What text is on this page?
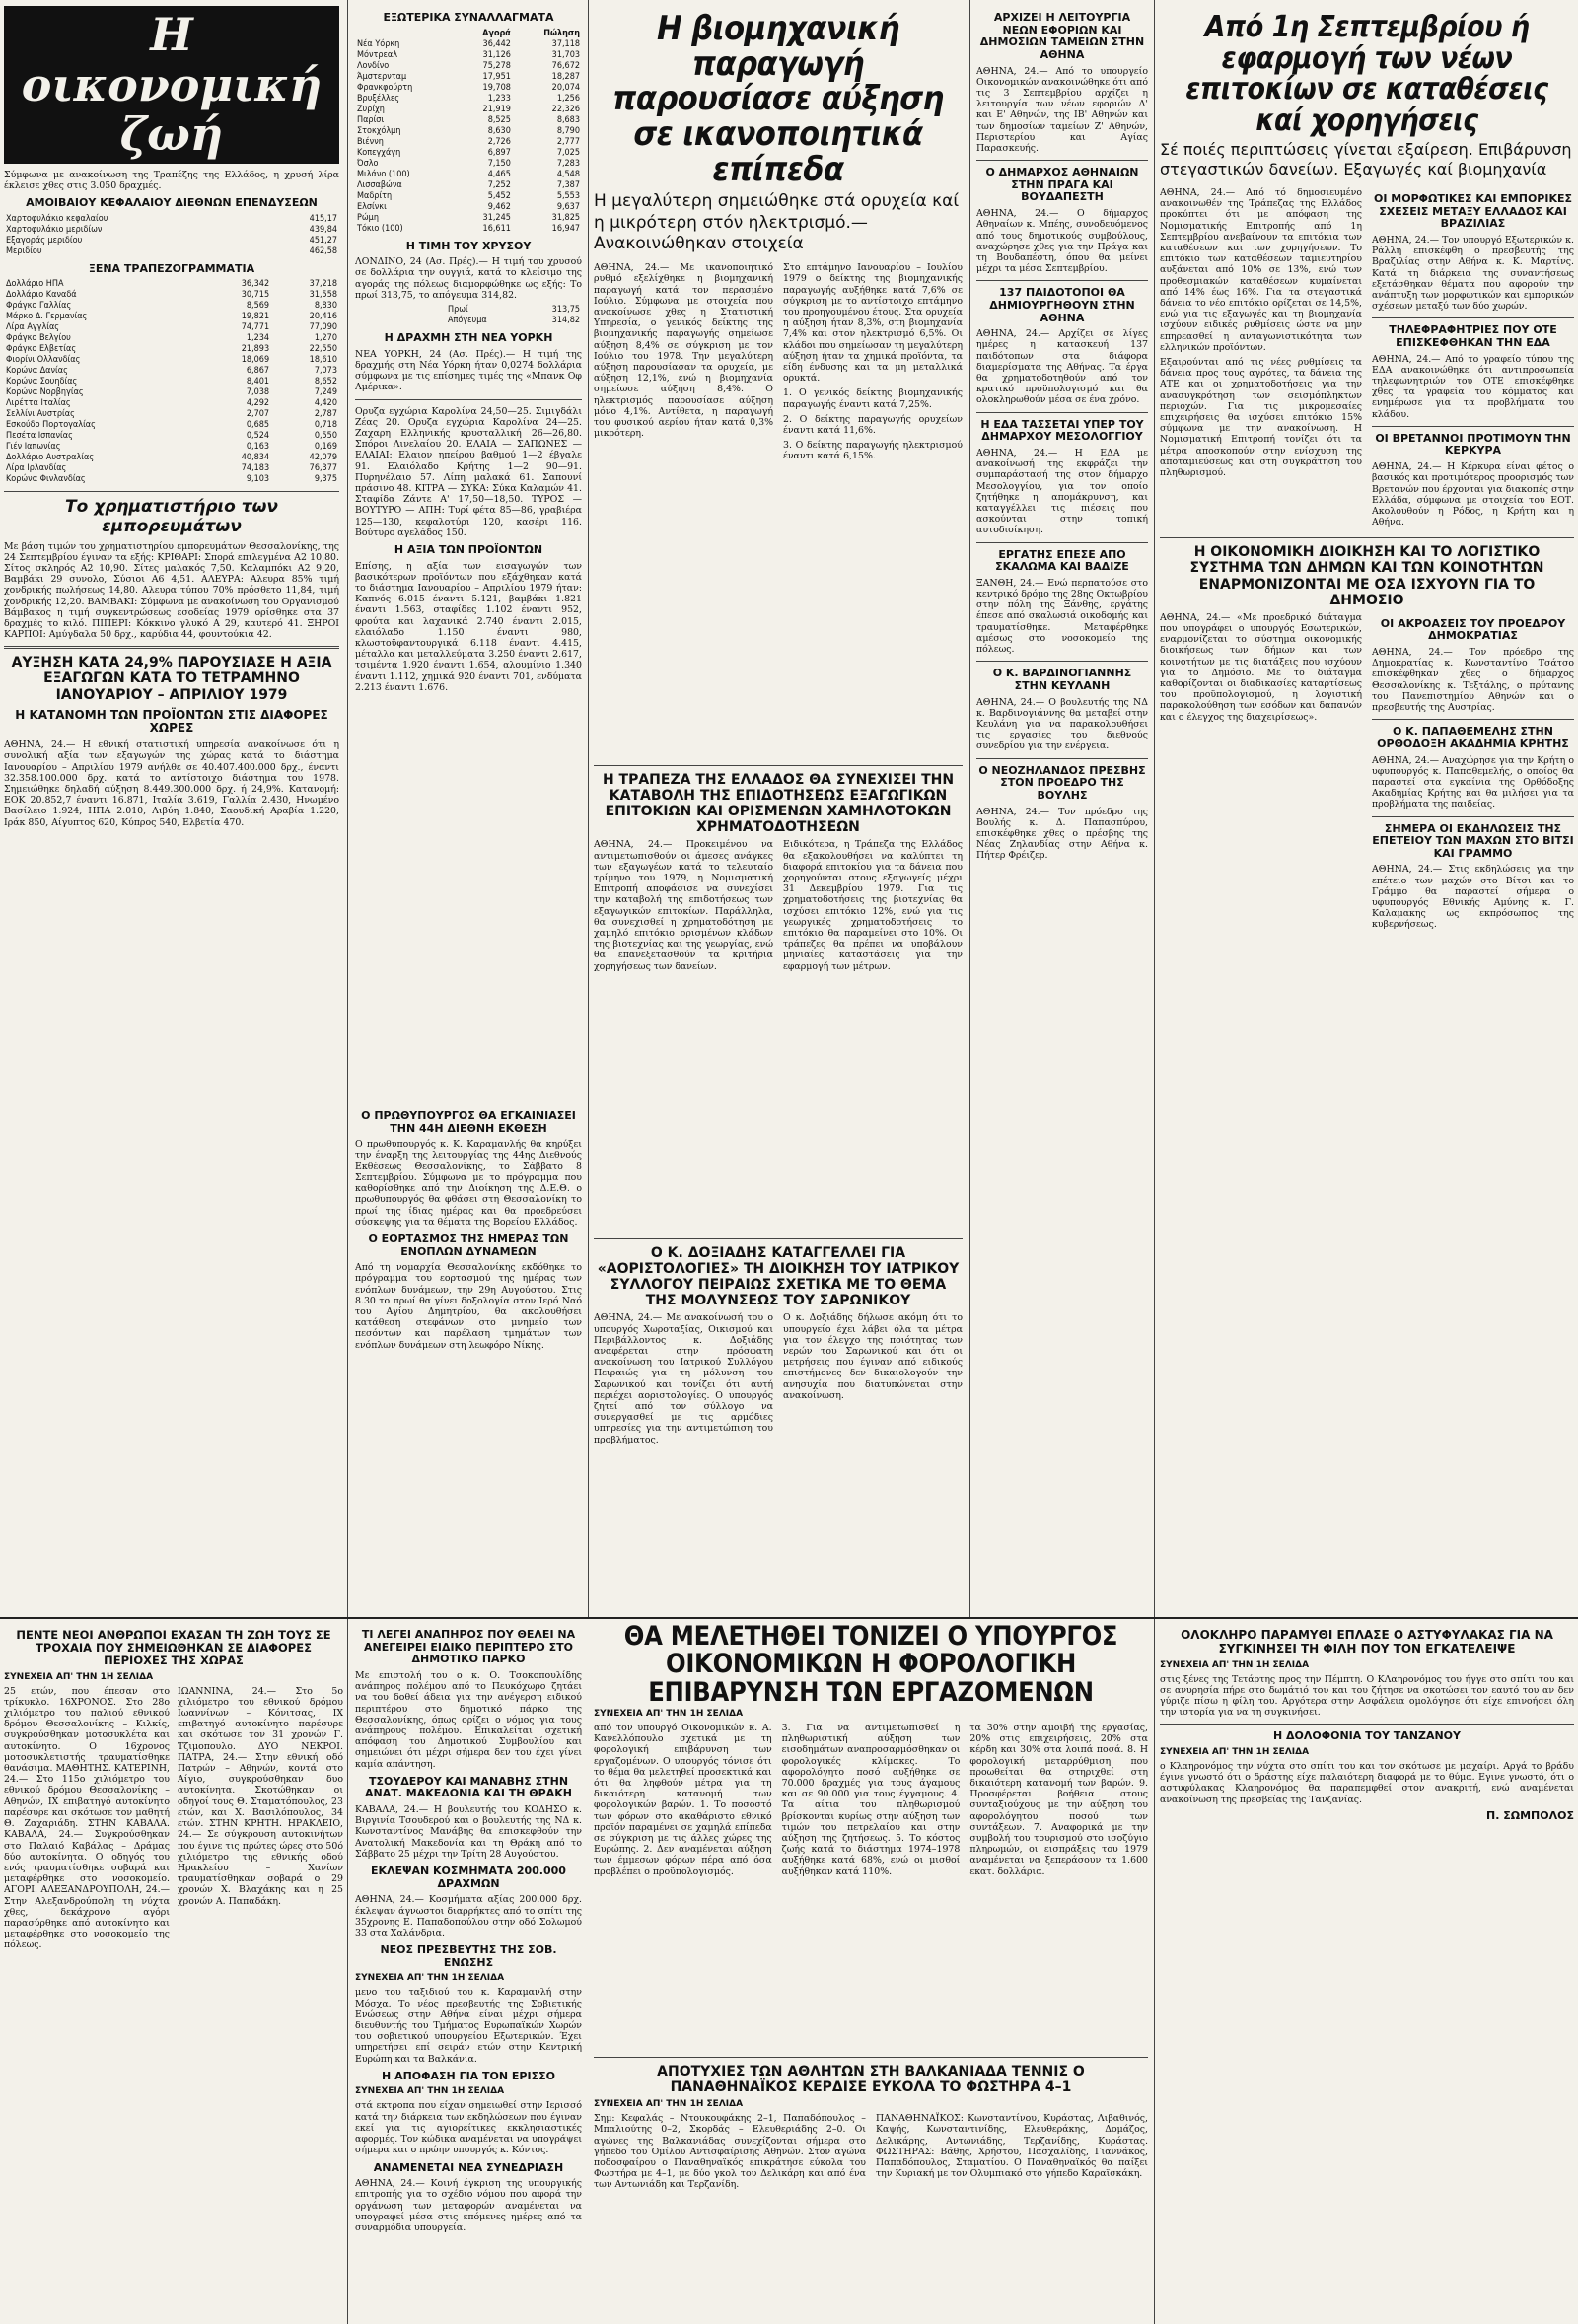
Η οικονομική ζωή
Σύμφωνα με ανακοίνωση της Τραπέζης της Ελλάδος, η χρυσή λίρα έκλεισε χθες στις 3.050 δραχμές.
ΑΜΟΙΒΑΙΟΥ ΚΕΦΑΛΑΙΟΥ ΔΙΕΘΝΩΝ ΕΠΕΝΔΥΣΕΩΝ
Χαρτοφυλάκιο κεφαλαίου	415,17
Χαρτοφυλάκιο μεριδίων	439,84
Εξαγοράς μεριδίου	451,27
Μεριδίου	462,58
ΞΕΝΑ ΤΡΑΠΕΖΟΓΡΑΜΜΑΤΙΑ
Δολλάριο ΗΠΑ	36,342	37,218
Δολλάριο Καναδά	30,715	31,558
Φράγκο Γαλλίας	8,569	8,830
Μάρκο Δ. Γερμανίας	19,821	20,416
Λίρα Αγγλίας	74,771	77,090
Φράγκο Βελγίου	1,234	1,270
Φράγκο Ελβετίας	21,893	22,550
Φιορίνι Ολλανδίας	18,069	18,610
Κορώνα Δανίας	6,867	7,073
Κορώνα Σουηδίας	8,401	8,652
Κορώνα Νορβηγίας	7,038	7,249
Λιρέττα Ιταλίας	4,292	4,420
Σελλίνι Αυστρίας	2,707	2,787
Εσκούδο Πορτογαλίας	0,685	0,718
Πεσέτα Ισπανίας	0,524	0,550
Γιέν Ιαπωνίας	0,163	0,169
Δολλάριο Αυστραλίας	40,834	42,079
Λίρα Ιρλανδίας	74,183	76,377
Κορώνα Φινλανδίας	9,103	9,375
Το χρηματιστήριο των εμπορευμάτων
Με βάση τιμών του χρηματιστηρίου εμπορευμάτων Θεσσαλονίκης, της 24 Σεπτεμβρίου έγιναν τα εξής: ΚΡΙΘΑΡΙ: Σπορά επιλεγμένα Α2 10,80. Σίτος σκληρός Α2 10,90. Σίτες μαλακός 7,50. Καλαμπόκι Α2 9,20, Βαμβάκι 29 συνολο, Σύσιοι Α6 4,51. ΑΛΕΥΡΑ: Αλευρα 85% τιμή χονδρικής πωλήσεως 14,80. Αλευρα τύπου 70% πρόσθετο 11,84, τιμή χονδρικής 12,20. ΒΑΜΒΑΚΙ: Σύμφωνα με ανακοίνωση του Οργανισμού Βάμβακος η τιμή συγκεντρώσεως εσοδείας 1979 ορίσθηκε στα 37 δραχμές το κιλό. ΠΙΠΕΡΙ: Κόκκινο γλυκό Α 29, καυτερό 41. ΞΗΡΟΙ ΚΑΡΠΟΙ: Αμύγδαλα 50 δρχ., καρύδια 44, φουντούκια 42.
ΑΥΞΗΣΗ ΚΑΤΑ 24,9% ΠΑΡΟΥΣΙΑΣΕ Η ΑΞΙΑ ΕΞΑΓΩΓΩΝ ΚΑΤΑ ΤΟ ΤΕΤΡΑΜΗΝΟ ΙΑΝΟΥΑΡΙΟΥ – ΑΠΡΙΛΙΟΥ 1979
Η ΚΑΤΑΝΟΜΗ ΤΩΝ ΠΡΟΪΟΝΤΩΝ ΣΤΙΣ ΔΙΑΦΟΡΕΣ ΧΩΡΕΣ
ΑΘΗΝΑ, 24.— Η εθνική στατιστική υπηρεσία ανακοίνωσε ότι η συνολική αξία των εξαγωγών της χώρας κατά το διάστημα Ιανουαρίου – Απριλίου 1979 ανήλθε σε 40.407.400.000 δρχ., έναντι 32.358.100.000 δρχ. κατά το αντίστοιχο διάστημα του 1978. Σημειώθηκε δηλαδή αύξηση 8.449.300.000 δρχ. ή 24,9%. Κατανομή: ΕΟΚ 20.852,7 έναντι 16.871, Ιταλία 3.619, Γαλλία 2.430, Ηνωμένο Βασίλειο 1.924, ΗΠΑ 2.010, Λιβύη 1.840, Σαουδική Αραβία 1.220, Ιράκ 850, Αίγυπτος 620, Κύπρος 540, Ελβετία 470.
ΕΞΩΤΕΡΙΚΑ ΣΥΝΑΛΛΑΓΜΑΤΑ
	Αγορά	Πώληση
Νέα Υόρκη	36,442	37,118
Μόντρεαλ	31,126	31,703
Λονδίνο	75,278	76,672
Άμστερνταμ	17,951	18,287
Φρανκφούρτη	19,708	20,074
Βρυξέλλες	1,233	1,256
Ζυρίχη	21,919	22,326
Παρίσι	8,525	8,683
Στοκχόλμη	8,630	8,790
Βιέννη	2,726	2,777
Κοπεγχάγη	6,897	7,025
Όσλο	7,150	7,283
Μιλάνο (100)	4,465	4,548
Λισσαβώνα	7,252	7,387
Μαδρίτη	5,452	5,553
Ελσίνκι	9,462	9,637
Ρώμη	31,245	31,825
Τόκιο (100)	16,611	16,947
Η ΤΙΜΗ ΤΟΥ ΧΡΥΣΟΥ
ΛΟΝΔΙΝΟ, 24 (Ασ. Πρές).— Η τιμή του χρυσού σε δολλάρια την ουγγιά, κατά το κλείσιμο της αγοράς της πόλεως διαμορφώθηκε ως εξής: Το πρωί 313,75, το απόγευμα 314,82.
Πρωί	313,75
Απόγευμα	314,82
Η ΔΡΑΧΜΗ ΣΤΗ ΝΕΑ ΥΟΡΚΗ
ΝΕΑ ΥΟΡΚΗ, 24 (Ασ. Πρές).— Η τιμή της δραχμής στη Νέα Υόρκη ήταν 0,0274 δολλάρια σύμφωνα με τις επίσημες τιμές της «Μπανκ Οφ Αμέρικα».
Ορυζα εγχώρια Καρολίνα 24,50—25. Σιμιγδάλι Ζέας 20. Ορυζα εγχώρια Καρολίνα 24—25. Ζαχαρη Ελληνικής κρυσταλλική 26—26,80. Σπόροι Λινελαίου 20. ΕΛΑΙΑ — ΣΑΠΩΝΕΣ — ΕΛΑΙΑΙ: Ελαιον ηπείρου βαθμού 1—2 έβγαλε 91. Ελαιόλαδο Κρήτης 1—2 90—91. Πυρηνέλαιο 57. Λίπη μαλακά 61. Σαπουνί πράσινο 48. ΚΙΤΡΑ — ΣΥΚΑ: Σύκα Καλαμών 41. Σταφίδα Ζάντε Α' 17,50—18,50. ΤΥΡΟΣ — ΒΟΥΤΥΡΟ — ΑΠΗ: Τυρί φέτα 85—86, γραβιέρα 125—130, κεφαλοτύρι 120, κασέρι 116. Βούτυρο αγελάδος 150.
Η ΑΞΙΑ ΤΩΝ ΠΡΟΪΟΝΤΩΝ
Επίσης, η αξία των εισαγωγών των βασικότερων προϊόντων που εξάχθηκαν κατά το διάστημα Ιανουαρίου – Απριλίου 1979 ήταν: Καπνός 6.015 έναντι 5.121, βαμβάκι 1.821 έναντι 1.563, σταφίδες 1.102 έναντι 952, φρούτα και λαχανικά 2.740 έναντι 2.015, ελαιόλαδο 1.150 έναντι 980, κλωστοϋφαντουργικά 6.118 έναντι 4.415, μέταλλα και μεταλλεύματα 3.250 έναντι 2.617, τσιμέντα 1.920 έναντι 1.654, αλουμίνιο 1.340 έναντι 1.112, χημικά 920 έναντι 701, ενδύματα 2.213 έναντι 1.676.
Η βιομηχανική παραγωγή παρουσίασε αύξηση σε ικανοποιητικά επίπεδα
Η μεγαλύτερη σημειώθηκε στά ορυχεία καί η μικρότερη στόν ηλεκτρισμό.— Ανακοινώθηκαν στοιχεία
ΑΘΗΝΑ, 24.— Με ικανοποιητικό ρυθμό εξελίχθηκε η βιομηχανική παραγωγή κατά τον περασμένο Ιούλιο. Σύμφωνα με στοιχεία που ανακοίνωσε χθες η Στατιστική Υπηρεσία, ο γενικός δείκτης της βιομηχανικής παραγωγής σημείωσε αύξηση 8,4% σε σύγκριση με τον Ιούλιο του 1978. Την μεγαλύτερη αύξηση παρουσίασαν τα ορυχεία, με αύξηση 12,1%, ενώ η βιομηχανία σημείωσε αύξηση 8,4%. Ο ηλεκτρισμός παρουσίασε αύξηση μόνο 4,1%. Αντίθετα, η παραγωγή του φυσικού αερίου ήταν κατά 0,3% μικρότερη.
Στο επτάμηνο Ιανουαρίου – Ιουλίου 1979 ο δείκτης της βιομηχανικής παραγωγής αυξήθηκε κατά 7,6% σε σύγκριση με το αντίστοιχο επτάμηνο του προηγουμένου έτους. Στα ορυχεία η αύξηση ήταν 8,3%, στη βιομηχανία 7,4% και στον ηλεκτρισμό 6,5%. Οι κλάδοι που σημείωσαν τη μεγαλύτερη αύξηση ήταν τα χημικά προϊόντα, τα είδη ένδυσης και τα μη μεταλλικά ορυκτά.
1. Ο γενικός δείκτης βιομηχανικής παραγωγής έναντι κατά 7,25%.
2. Ο δείκτης παραγωγής ορυχείων έναντι κατά 11,6%.
3. Ο δείκτης παραγωγής ηλεκτρισμού έναντι κατά 6,15%.
Η ΤΡΑΠΕΖΑ ΤΗΣ ΕΛΛΑΔΟΣ ΘΑ ΣΥΝΕΧΙΣΕΙ ΤΗΝ ΚΑΤΑΒΟΛΗ ΤΗΣ ΕΠΙΔΟΤΗΣΕΩΣ ΕΞΑΓΩΓΙΚΩΝ ΕΠΙΤΟΚΙΩΝ ΚΑΙ ΟΡΙΣΜΕΝΩΝ ΧΑΜΗΛΟΤΟΚΩΝ ΧΡΗΜΑΤΟΔΟΤΗΣΕΩΝ
ΑΘΗΝΑ, 24.— Προκειμένου να αντιμετωπισθούν οι άμεσες ανάγκες των εξαγωγέων κατά το τελευταίο τρίμηνο του 1979, η Νομισματική Επιτροπή αποφάσισε να συνεχίσει την καταβολή της επιδοτήσεως των εξαγωγικών επιτοκίων. Παράλληλα, θα συνεχισθεί η χρηματοδότηση με χαμηλό επιτόκιο ορισμένων κλάδων της βιοτεχνίας και της γεωργίας, ενώ θα επανεξετασθούν τα κριτήρια χορηγήσεως των δανείων.
Ειδικότερα, η Τράπεζα της Ελλάδος θα εξακολουθήσει να καλύπτει τη διαφορά επιτοκίου για τα δάνεια που χορηγούνται στους εξαγωγείς μέχρι 31 Δεκεμβρίου 1979. Για τις χρηματοδοτήσεις της βιοτεχνίας θα ισχύσει επιτόκιο 12%, ενώ για τις γεωργικές χρηματοδοτήσεις το επιτόκιο θα παραμείνει στο 10%. Οι τράπεζες θα πρέπει να υποβάλουν μηνιαίες καταστάσεις για την εφαρμογή των μέτρων.
Ο Κ. ΔΟΞΙΑΔΗΣ ΚΑΤΑΓΓΕΛΛΕΙ ΓΙΑ «ΑΟΡΙΣΤΟΛΟΓΙΕΣ» ΤΗ ΔΙΟΙΚΗΣΗ ΤΟΥ ΙΑΤΡΙΚΟΥ ΣΥΛΛΟΓΟΥ ΠΕΙΡΑΙΩΣ ΣΧΕΤΙΚΑ ΜΕ ΤΟ ΘΕΜΑ ΤΗΣ ΜΟΛΥΝΣΕΩΣ ΤΟΥ ΣΑΡΩΝΙΚΟΥ
ΑΘΗΝΑ, 24.— Με ανακοίνωσή του ο υπουργός Χωροταξίας, Οικισμού και Περιβάλλοντος κ. Δοξιάδης αναφέρεται στην πρόσφατη ανακοίνωση του Ιατρικού Συλλόγου Πειραιώς για τη μόλυνση του Σαρωνικού και τονίζει ότι αυτή περιέχει αοριστολογίες. Ο υπουργός ζητεί από τον σύλλογο να συνεργασθεί με τις αρμόδιες υπηρεσίες για την αντιμετώπιση του προβλήματος.
Ο κ. Δοξιάδης δήλωσε ακόμη ότι το υπουργείο έχει λάβει όλα τα μέτρα για τον έλεγχο της ποιότητας των νερών του Σαρωνικού και ότι οι μετρήσεις που έγιναν από ειδικούς επιστήμονες δεν δικαιολογούν την ανησυχία που διατυπώνεται στην ανακοίνωση.
ΑΡΧΙΖΕΙ Η ΛΕΙΤΟΥΡΓΙΑ ΝΕΩΝ ΕΦΟΡΙΩΝ ΚΑΙ ΔΗΜΟΣΙΩΝ ΤΑΜΕΙΩΝ ΣΤΗΝ ΑΘΗΝΑ
ΑΘΗΝΑ, 24.— Από το υπουργείο Οικονομικών ανακοινώθηκε ότι από τις 3 Σεπτεμβρίου αρχίζει η λειτουργία των νέων εφοριών Δ' και Ε' Αθηνών, της ΙΒ' Αθηνών και των δημοσίων ταμείων Ζ' Αθηνών, Περιστερίου και Αγίας Παρασκευής.
Ο ΔΗΜΑΡΧΟΣ ΑΘΗΝΑΙΩΝ ΣΤΗΝ ΠΡΑΓΑ ΚΑΙ ΒΟΥΔΑΠΕΣΤΗ
ΑΘΗΝΑ, 24.— Ο δήμαρχος Αθηναίων κ. Μπέης, συνοδευόμενος από τους δημοτικούς συμβούλους, αναχώρησε χθες για την Πράγα και τη Βουδαπέστη, όπου θα μείνει μέχρι τα μέσα Σεπτεμβρίου.
137 ΠΑΙΔΟΤΟΠΟΙ ΘΑ ΔΗΜΙΟΥΡΓΗΘΟΥΝ ΣΤΗΝ ΑΘΗΝΑ
ΑΘΗΝΑ, 24.— Αρχίζει σε λίγες ημέρες η κατασκευή 137 παιδότοπων στα διάφορα διαμερίσματα της Αθήνας. Τα έργα θα χρηματοδοτηθούν από τον κρατικό προϋπολογισμό και θα ολοκληρωθούν μέσα σε ένα χρόνο.
Η ΕΔΑ ΤΑΣΣΕΤΑΙ ΥΠΕΡ ΤΟΥ ΔΗΜΑΡΧΟΥ ΜΕΣΟΛΟΓΓΙΟΥ
ΑΘΗΝΑ, 24.— Η ΕΔΑ με ανακοίνωσή της εκφράζει την συμπαράστασή της στον δήμαρχο Μεσολογγίου, για τον οποίο ζητήθηκε η απομάκρυνση, και καταγγέλλει τις πιέσεις που ασκούνται στην τοπική αυτοδιοίκηση.
ΕΡΓΑΤΗΣ ΕΠΕΣΕ ΑΠΟ ΣΚΑΛΩΜΑ ΚΑΙ ΒΑΔΙΖΕ
ΞΑΝΘΗ, 24.— Ενώ περπατούσε στο κεντρικό δρόμο της 28ης Οκτωβρίου στην πόλη της Ξάνθης, εργάτης έπεσε από σκαλωσιά οικοδομής και τραυματίσθηκε. Μεταφέρθηκε αμέσως στο νοσοκομείο της πόλεως.
Ο Κ. ΒΑΡΔΙΝΟΓΙΑΝΝΗΣ ΣΤΗΝ ΚΕΥΛΑΝΗ
ΑΘΗΝΑ, 24.— Ο βουλευτής της ΝΔ κ. Βαρδινογιάννης θα μεταβεί στην Κευλάνη για να παρακολουθήσει τις εργασίες του διεθνούς συνεδρίου για την ενέργεια.
Ο ΝΕΟΖΗΛΑΝΔΟΣ ΠΡΕΣΒΗΣ ΣΤΟΝ ΠΡΟΕΔΡΟ ΤΗΣ ΒΟΥΛΗΣ
ΑΘΗΝΑ, 24.— Τον πρόεδρο της Βουλής κ. Δ. Παπασπύρου, επισκέφθηκε χθες ο πρέσβης της Νέας Ζηλανδίας στην Αθήνα κ. Πήτερ Φρέιζερ.
Από 1η Σεπτεμβρίου ή εφαρμογή των νέων επιτοκίων σε καταθέσεις καί χορηγήσεις
Σέ ποιές περιπτώσεις γίνεται εξαίρεση. Επιβάρυνση στεγαστικών δανείων. Εξαγωγές καί βιομηχανία
ΑΘΗΝΑ, 24.— Από τό δημοσιευμένο ανακοινωθέν της Τράπεζας της Ελλάδος προκύπτει ότι με απόφαση της Νομισματικής Επιτροπής από 1η Σεπτεμβρίου ανεβαίνουν τα επιτόκια των καταθέσεων και των χορηγήσεων. Το επιτόκιο των καταθέσεων ταμιευτηρίου αυξάνεται από 10% σε 13%, ενώ των προθεσμιακών καταθέσεων κυμαίνεται από 14% έως 16%. Για τα στεγαστικά δάνεια το νέο επιτόκιο ορίζεται σε 14,5%, ενώ για τις εξαγωγές και τη βιομηχανία ισχύουν ειδικές ρυθμίσεις ώστε να μην επηρεασθεί η ανταγωνιστικότητα των ελληνικών προϊόντων.
Εξαιρούνται από τις νέες ρυθμίσεις τα δάνεια προς τους αγρότες, τα δάνεια της ΑΤΕ και οι χρηματοδοτήσεις για την ανασυγκρότηση των σεισμόπληκτων περιοχών. Για τις μικρομεσαίες επιχειρήσεις θα ισχύσει επιτόκιο 15% σύμφωνα με την ανακοίνωση. Η Νομισματική Επιτροπή τονίζει ότι τα μέτρα αποσκοπούν στην ενίσχυση της αποταμιεύσεως και στη συγκράτηση του πληθωρισμού.
ΟΙ ΜΟΡΦΩΤΙΚΕΣ ΚΑΙ ΕΜΠΟΡΙΚΕΣ ΣΧΕΣΕΙΣ ΜΕΤΑΞΥ ΕΛΛΑΔΟΣ ΚΑΙ ΒΡΑΖΙΛΙΑΣ
ΑΘΗΝΑ, 24.— Τον υπουργό Εξωτερικών κ. Ράλλη επισκέφθη ο πρεσβευτής της Βραζιλίας στην Αθήνα κ. Κ. Μαρτίνς. Κατά τη διάρκεια της συναντήσεως εξετάσθηκαν θέματα που αφορούν την ανάπτυξη των μορφωτικών και εμπορικών σχέσεων μεταξύ των δύο χωρών.
ΤΗΛΕΦΡΑΦΗΤΡΙΕΣ ΠΟΥ ΟΤΕ ΕΠΙΣΚΕΦΘΗΚΑΝ ΤΗΝ ΕΔΑ
ΑΘΗΝΑ, 24.— Από το γραφείο τύπου της ΕΔΑ ανακοινώθηκε ότι αντιπροσωπεία τηλεφωνητριών του ΟΤΕ επισκέφθηκε χθες τα γραφεία του κόμματος και ενημέρωσε για τα προβλήματα του κλάδου.
ΟΙ ΒΡΕΤΑΝΝΟΙ ΠΡΟΤΙΜΟΥΝ ΤΗΝ ΚΕΡΚΥΡΑ
ΑΘΗΝΑ, 24.— Η Κέρκυρα είναι φέτος ο βασικός και προτιμότερος προορισμός των Βρετανών που έρχονται για διακοπές στην Ελλάδα, σύμφωνα με στοιχεία του ΕΟΤ. Ακολουθούν η Ρόδος, η Κρήτη και η Αθήνα.
Η ΟΙΚΟΝΟΜΙΚΗ ΔΙΟΙΚΗΣΗ ΚΑΙ ΤΟ ΛΟΓΙΣΤΙΚΟ ΣΥΣΤΗΜΑ ΤΩΝ ΔΗΜΩΝ ΚΑΙ ΤΩΝ ΚΟΙΝΟΤΗΤΩΝ ΕΝΑΡΜΟΝΙΖΟΝΤΑΙ ΜΕ ΟΣΑ ΙΣΧΥΟΥΝ ΓΙΑ ΤΟ ΔΗΜΟΣΙΟ
ΑΘΗΝΑ, 24.— «Με προεδρικό διάταγμα που υπογράφει ο υπουργός Εσωτερικών, εναρμονίζεται το σύστημα οικονομικής διοικήσεως των δήμων και των κοινοτήτων με τις διατάξεις που ισχύουν για το Δημόσιο. Με το διάταγμα καθορίζονται οι διαδικασίες καταρτίσεως του προϋπολογισμού, η λογιστική παρακολούθηση των εσόδων και δαπανών και ο έλεγχος της διαχειρίσεως».
ΟΙ ΑΚΡΟΑΣΕΙΣ ΤΟΥ ΠΡΟΕΔΡΟΥ ΔΗΜΟΚΡΑΤΙΑΣ
ΑΘΗΝΑ, 24.— Τον πρόεδρο της Δημοκρατίας κ. Κωνσταντίνο Τσάτσο επισκέφθηκαν χθες ο δήμαρχος Θεσσαλονίκης κ. Τεξτάλης, ο πρύτανης του Πανεπιστημίου Αθηνών και ο πρεσβευτής της Αυστρίας.
Ο Κ. ΠΑΠΑΘΕΜΕΛΗΣ ΣΤΗΝ ΟΡΘΟΔΟΞΗ ΑΚΑΔΗΜΙΑ ΚΡΗΤΗΣ
ΑΘΗΝΑ, 24.— Αναχώρησε για την Κρήτη ο υφυπουργός κ. Παπαθεμελής, ο οποίος θα παραστεί στα εγκαίνια της Ορθόδοξης Ακαδημίας Κρήτης και θα μιλήσει για τα προβλήματα της παιδείας.
ΣΗΜΕΡΑ ΟΙ ΕΚΔΗΛΩΣΕΙΣ ΤΗΣ ΕΠΕΤΕΙΟΥ ΤΩΝ ΜΑΧΩΝ ΣΤΟ ΒΙΤΣΙ ΚΑΙ ΓΡΑΜΜΟ
ΑΘΗΝΑ, 24.— Στις εκδηλώσεις για την επέτειο των μαχών στο Βίτσι και το Γράμμο θα παραστεί σήμερα ο υφυπουργός Εθνικής Αμύνης κ. Γ. Καλαμακης ως εκπρόσωπος της κυβερνήσεως.
Ο ΠΡΩΘΥΠΟΥΡΓΟΣ ΘΑ ΕΓΚΑΙΝΙΑΣΕΙ ΤΗΝ 44Η ΔΙΕΘΝΗ ΕΚΘΕΣΗ
Ο πρωθυπουργός κ. Κ. Καραμανλής θα κηρύξει την έναρξη της λειτουργίας της 44ης Διεθνούς Εκθέσεως Θεσσαλονίκης, το Σάββατο 8 Σεπτεμβρίου. Σύμφωνα με το πρόγραμμα που καθορίσθηκε από την Διοίκηση της Δ.Ε.Θ. ο πρωθυπουργός θα φθάσει στη Θεσσαλονίκη το πρωί της ίδιας ημέρας και θα προεδρεύσει σύσκεψης για τα θέματα της Βορείου Ελλάδος.
Ο ΕΟΡΤΑΣΜΟΣ ΤΗΣ ΗΜΕΡΑΣ ΤΩΝ ΕΝΟΠΛΩΝ ΔΥΝΑΜΕΩΝ
Από τη νομαρχία Θεσσαλονίκης εκδόθηκε το πρόγραμμα του εορτασμού της ημέρας των ενόπλων δυνάμεων, την 29η Αυγούστου. Στις 8.30 το πρωί θα γίνει δοξολογία στον Ιερό Ναό του Αγίου Δημητρίου, θα ακολουθήσει κατάθεση στεφάνων στο μνημείο των πεσόντων και παρέλαση τμημάτων των ενόπλων δυνάμεων στη λεωφόρο Νίκης.
ΠΕΝΤΕ ΝΕΟΙ ΑΝΘΡΩΠΟΙ ΕΧΑΣΑΝ ΤΗ ΖΩΗ ΤΟΥΣ ΣΕ ΤΡΟΧΑΙΑ ΠΟΥ ΣΗΜΕΙΩΘΗΚΑΝ ΣΕ ΔΙΑΦΟΡΕΣ ΠΕΡΙΟΧΕΣ ΤΗΣ ΧΩΡΑΣ
ΣΥΝΕΧΕΙΑ ΑΠ' ΤΗΝ 1Η ΣΕΛΙΔΑ
25 ετών, που έπεσαν στο τρίκυκλο. 16ΧΡΟΝΟΣ. Στο 28ο χιλιόμετρο του παλιού εθνικού δρόμου Θεσσαλονίκης – Κιλκίς, συγκρούσθηκαν μοτοσυκλέτα και αυτοκίνητο. Ο 16χρονος μοτοσυκλετιστής τραυματίσθηκε θανάσιμα. ΜΑΘΗΤΗΣ. ΚΑΤΕΡΙΝΗ, 24.— Στο 115ο χιλιόμετρο του εθνικού δρόμου Θεσσαλονίκης – Αθηνών, ΙΧ επιβατηγό αυτοκίνητο παρέσυρε και σκότωσε τον μαθητή Θ. Ζαχαριάδη. ΣΤΗΝ ΚΑΒΑΛΑ. ΚΑΒΑΛΑ, 24.— Συγκρούσθηκαν στο Παλαιό Καβάλας – Δράμας δύο αυτοκίνητα. Ο οδηγός του ενός τραυματίσθηκε σοβαρά και μεταφέρθηκε στο νοσοκομείο. ΑΓΟΡΙ. ΑΛΕΞΑΝΔΡΟΥΠΟΛΗ, 24.— Στην Αλεξανδρούπολη τη νύχτα χθες, δεκάχρονο αγόρι παρασύρθηκε από αυτοκίνητο και μεταφέρθηκε στο νοσοκομείο της πόλεως.
ΙΩΑΝΝΙΝΑ, 24.— Στο 5ο χιλιόμετρο του εθνικού δρόμου Ιωαννίνων – Κόνιτσας, ΙΧ επιβατηγό αυτοκίνητο παρέσυρε και σκότωσε τον 31 χρονών Γ. Τζιμοπουλο. ΔΥΟ ΝΕΚΡΟΙ. ΠΑΤΡΑ, 24.— Στην εθνική οδό Πατρών – Αθηνών, κοντά στο Αίγιο, συγκρούσθηκαν δυο αυτοκίνητα. Σκοτώθηκαν οι οδηγοί τους Θ. Σταματόπουλος, 23 ετών, και Χ. Βασιλόπουλος, 34 ετών. ΣΤΗΝ ΚΡΗΤΗ. ΗΡΑΚΛΕΙΟ, 24.— Σε σύγκρουση αυτοκινήτων που έγινε τις πρώτες ώρες στο 50ό χιλιόμετρο της εθνικής οδού Ηρακλείου – Χανίων τραυματίσθηκαν σοβαρά ο 29 χρονών Χ. Βλαχάκης και η 25 χρονών Α. Παπαδάκη.
ΤΙ ΛΕΓΕΙ ΑΝΑΠΗΡΟΣ ΠΟΥ ΘΕΛΕΙ ΝΑ ΑΝΕΓΕΙΡΕΙ ΕΙΔΙΚΟ ΠΕΡΙΠΤΕΡΟ ΣΤΟ ΔΗΜΟΤΙΚΟ ΠΑΡΚΟ
Με επιστολή του ο κ. Ο. Τσοκοπουλίδης ανάπηρος πολέμου από το Πευκόχωρο ζητάει να του δοθεί άδεια για την ανέγερση ειδικού περιπτέρου στο δημοτικό πάρκο της Θεσσαλονίκης, όπως ορίζει ο νόμος για τους ανάπηρους πολέμου. Επικαλείται σχετική απόφαση του Δημοτικού Συμβουλίου και σημειώνει ότι μέχρι σήμερα δεν του έχει γίνει καμία απάντηση.
ΤΣΟΥΔΕΡΟΥ ΚΑΙ ΜΑΝΑΒΗΣ ΣΤΗΝ ΑΝΑΤ. ΜΑΚΕΔΟΝΙΑ ΚΑΙ ΤΗ ΘΡΑΚΗ
ΚΑΒΑΛΑ, 24.— Η βουλευτής του ΚΟΔΗΣΟ κ. Βιργινία Τσουδερού και ο βουλευτής της ΝΔ κ. Κωνσταντίνος Μανάβης θα επισκεφθούν την Ανατολική Μακεδονία και τη Θράκη από το Σάββατο 25 μέχρι την Τρίτη 28 Αυγούστου.
ΕΚΛΕΨΑΝ ΚΟΣΜΗΜΑΤΑ 200.000 ΔΡΑΧΜΩΝ
ΑΘΗΝΑ, 24.— Κοσμήματα αξίας 200.000 δρχ. έκλεψαν άγνωστοι διαρρήκτες από το σπίτι της 35χρονης Ε. Παπαδοπούλου στην οδό Σολωμού 33 στα Χαλάνδρια.
ΝΕΟΣ ΠΡΕΣΒΕΥΤΗΣ ΤΗΣ ΣΟΒ. ΕΝΩΣΗΣ
ΣΥΝΕΧΕΙΑ ΑΠ' ΤΗΝ 1Η ΣΕΛΙΔΑ
μενο του ταξιδιού του κ. Καραμανλή στην Μόσχα. Το νέος πρεσβευτής της Σοβιετικής Ενώσεως στην Αθήνα είναι μέχρι σήμερα διευθυντής του Τμήματος Ευρωπαϊκών Χωρών του σοβιετικού υπουργείου Εξωτερικών. Έχει υπηρετήσει επί σειράν ετών στην Κεντρική Ευρώπη και τα Βαλκάνια.
Η ΑΠΟΦΑΣΗ ΓΙΑ ΤΟΝ ΕΡΙΣΣΟ
ΣΥΝΕΧΕΙΑ ΑΠ' ΤΗΝ 1Η ΣΕΛΙΔΑ
στά εκτροπα που είχαν σημειωθεί στην Ιερισσό κατά την διάρκεια των εκδηλώσεων που έγιναν εκεί για τις αγιορείτικες εκκλησιαστικές αφορμές. Τον κώδικα αναμένεται να υπογράψει σήμερα και ο πρώην υπουργός κ. Κόντος.
ΑΝΑΜΕΝΕΤΑΙ ΝΕΑ ΣΥΝΕΔΡΙΑΣΗ
ΑΘΗΝΑ, 24.— Κοινή έγκριση της υπουργικής επιτροπής για το σχέδιο νόμου που αφορά την οργάνωση των μεταφορών αναμένεται να υπογραφεί μέσα στις επόμενες ημέρες από τα συναρμόδια υπουργεία.
ΘΑ ΜΕΛΕΤΗΘΕΙ ΤΟΝΙΖΕΙ Ο ΥΠΟΥΡΓΟΣ ΟΙΚΟΝΟΜΙΚΩΝ Η ΦΟΡΟΛΟΓΙΚΗ ΕΠΙΒΑΡΥΝΣΗ ΤΩΝ ΕΡΓΑΖΟΜΕΝΩΝ
ΣΥΝΕΧΕΙΑ ΑΠ' ΤΗΝ 1Η ΣΕΛΙΔΑ
από τον υπουργό Οικονομικών κ. Α. Κανελλόπουλο σχετικά με τη φορολογική επιβάρυνση των εργαζομένων. Ο υπουργός τόνισε ότι το θέμα θα μελετηθεί προσεκτικά και ότι θα ληφθούν μέτρα για τη δικαιότερη κατανομή των φορολογικών βαρών. 1. Το ποσοστό των φόρων στο ακαθάριστο εθνικό προϊόν παραμένει σε χαμηλά επίπεδα σε σύγκριση με τις άλλες χώρες της Ευρώπης. 2. Δεν αναμένεται αύξηση των έμμεσων φόρων πέρα από όσα προβλέπει ο προϋπολογισμός.
3. Για να αντιμετωπισθεί η πληθωριστική αύξηση των εισοδημάτων αναπροσαρμόσθηκαν οι φορολογικές κλίμακες. Το αφορολόγητο ποσό αυξήθηκε σε 70.000 δραχμές για τους άγαμους και σε 90.000 για τους έγγαμους. 4. Τα αίτια του πληθωρισμού βρίσκονται κυρίως στην αύξηση των τιμών του πετρελαίου και στην αύξηση της ζητήσεως. 5. Το κόστος ζωής κατά το διάστημα 1974–1978 αυξήθηκε κατά 68%, ενώ οι μισθοί αυξήθηκαν κατά 110%.
τα 30% στην αμοιβή της εργασίας, 20% στις επιχειρήσεις, 20% στα κέρδη και 30% στα λοιπά ποσά. 8. Η φορολογική μεταρρύθμιση που προωθείται θα στηριχθεί στη δικαιότερη κατανομή των βαρών. 9. Προσφέρεται βοήθεια στους συνταξιούχους με την αύξηση του αφορολόγητου ποσού των συντάξεων. 7. Αναφορικά με την συμβολή του τουρισμού στο ισοζύγιο πληρωμών, οι εισπράξεις του 1979 αναμένεται να ξεπεράσουν τα 1.600 εκατ. δολλάρια.
ΑΠΟΤΥΧΙΕΣ ΤΩΝ ΑΘΛΗΤΩΝ ΣΤΗ ΒΑΛΚΑΝΙΑΔΑ ΤΕΝΝΙΣ Ο ΠΑΝΑΘΗΝΑΪΚΟΣ ΚΕΡΔΙΣΕ ΕΥΚΟΛΑ ΤΟ ΦΩΣΤΗΡΑ 4–1
ΣΥΝΕΧΕΙΑ ΑΠ' ΤΗΝ 1Η ΣΕΛΙΔΑ
Σημ: Κεφαλάς – Ντουκουφάκης 2–1, Παπαδόπουλος – Μπαλιούτης 0–2, Σκορδάς – Ελευθεριάδης 2–0. Οι αγώνες της Βαλκανιάδας συνεχίζονται σήμερα στο γήπεδο του Ομίλου Αντισφαίρισης Αθηνών. Στον αγώνα ποδοσφαίρου ο Παναθηναϊκός επικράτησε εύκολα του Φωστήρα με 4–1, με δύο γκολ του Δελικάρη και από ένα των Αντωνιάδη και Τερζανίδη.
ΠΑΝΑΘΗΝΑΪΚΟΣ: Κωνσταντίνου, Κυράστας, Λιβαθινός, Καψής, Κωνσταντινίδης, Ελευθεράκης, Δομάζος, Δελικάρης, Αντωνιάδης, Τερζανίδης, Κυράστας. ΦΩΣΤΗΡΑΣ: Βάθης, Χρήστου, Πασχαλίδης, Γιαννάκος, Παπαδόπουλος, Σταματίου. Ο Παναθηναϊκός θα παίξει την Κυριακή με τον Ολυμπιακό στο γήπεδο Καραϊσκάκη.
ΟΛΟΚΛΗΡΟ ΠΑΡΑΜΥΘΙ ΕΠΛΑΣΕ Ο ΑΣΤΥΦΥΛΑΚΑΣ ΓΙΑ ΝΑ ΣΥΓΚΙΝΗΣΕΙ ΤΗ ΦΙΛΗ ΠΟΥ ΤΟΝ ΕΓΚΑΤΕΛΕΙΨΕ
ΣΥΝΕΧΕΙΑ ΑΠ' ΤΗΝ 1Η ΣΕΛΙΔΑ
στις ξένες της Τετάρτης προς την Πέμπτη. Ο ΚΛαηρονόμος του ήγγε στο σπίτι του και σε ανυρησία πήρε στο δωμάτιό του και του ζήτησε να σκοτώσει τον εαυτό του αν δεν γύριζε πίσω η φίλη του. Αργότερα στην Ασφάλεια ομολόγησε ότι είχε επινοήσει όλη την ιστορία για να τη συγκινήσει.
Η ΔΟΛΟΦΟΝΙΑ ΤΟΥ ΤΑΝΖΑΝΟΥ
ΣΥΝΕΧΕΙΑ ΑΠ' ΤΗΝ 1Η ΣΕΛΙΔΑ
ο Κλαηρονόμος την νύχτα στο σπίτι του και τον σκότωσε με μαχαίρι. Αργά το βράδυ έγινε γνωστό ότι ο δράστης είχε παλαιότερη διαφορά με το θύμα. Εγινε γνωστό, ότι ο αστυφύλακας Κλαηρονόμος θα παραπεμφθεί στον ανακριτή, ενώ αναμένεται ανακοίνωση της πρεσβείας της Τανζανίας.
Π. ΣΩΜΠΟΛΟΣ
